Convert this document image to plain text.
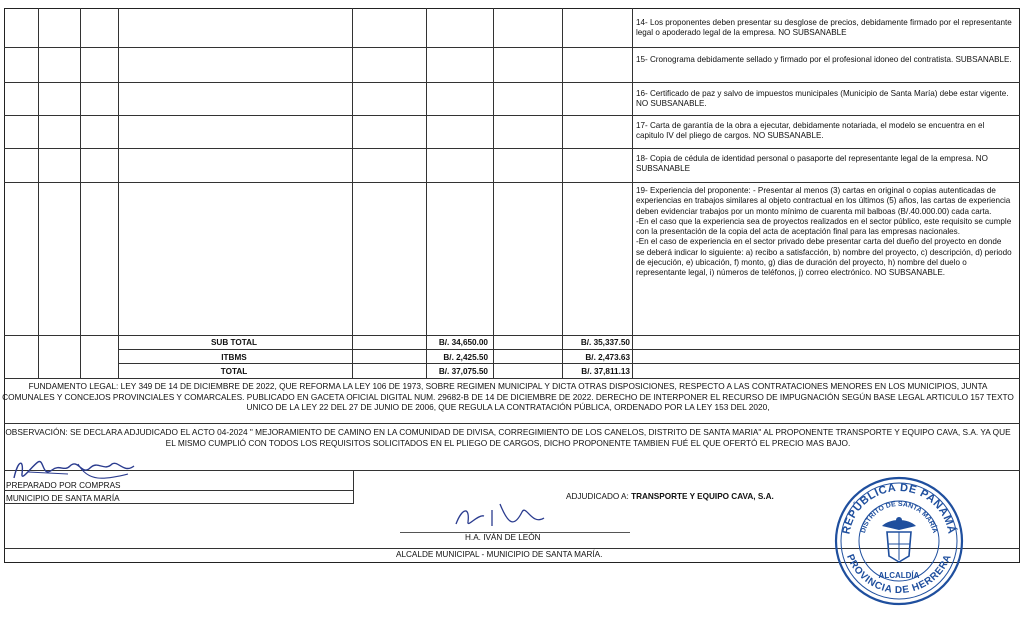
14- Los proponentes deben presentar su desglose de precios, debidamente firmado por el representante legal o apoderado legal de la empresa. NO SUBSANABLE
15- Cronograma debidamente sellado y firmado por el profesional idoneo del contratista. SUBSANABLE.
16- Certificado de paz y salvo de impuestos municipales (Municipio de Santa María) debe estar vigente. NO SUBSANABLE.
17- Carta de garantía de la obra a ejecutar, debidamente notariada, el modelo se encuentra en el capitulo IV del pliego de cargos. NO SUBSANABLE.
18- Copia de cédula de identidad personal o pasaporte del representante legal de la empresa. NO SUBSANABLE
19- Experiencia del proponente: - Presentar al menos (3) cartas en original o copias autenticadas de experiencias en trabajos similares al objeto contractual en los últimos (5) años, las cartas de experiencia deben evidenciar trabajos por un monto mínimo de cuarenta mil balboas (B/.40.000.00) cada carta.
-En el caso que la experiencia sea de proyectos realizados en el sector público, este requisito se cumple con la presentación de la copia del acta de aceptación final para las empresas nacionales.
-En el caso de experiencia en el sector privado debe presentar carta del dueño del proyecto en donde se deberá indicar lo siguiente: a) recibo a satisfacción, b) nombre del proyecto, c) descripción, d) periodo de ejecución, e) ubicación, f) monto, g) dias de duración del proyecto, h) nombre del duelo o representante legal, i) números de teléfonos, j) correo electrónico. NO SUBSANABLE.
SUB TOTAL
ITBMS
TOTAL
B/. 34,650.00
B/. 2,425.50
B/. 37,075.50
B/. 35,337.50
B/. 2,473.63
B/. 37,811.13
FUNDAMENTO LEGAL: LEY 349 DE 14 DE DICIEMBRE DE 2022, QUE REFORMA LA LEY 106 DE 1973, SOBRE REGIMEN MUNICIPAL Y DICTA OTRAS DISPOSICIONES, RESPECTO A LAS CONTRATACIONES MENORES EN LOS MUNICIPIOS, JUNTA COMUNALES Y CONCEJOS PROVINCIALES Y COMARCALES. PUBLICADO EN GACETA OFICIAL DIGITAL NUM. 29682-B DE 14 DE DICIEMBRE DE 2022. DERECHO DE INTERPONER EL RECURSO DE IMPUGNACIÓN SEGÚN BASE LEGAL ARTICULO 157 TEXTO UNICO DE LA LEY 22 DEL 27 DE JUNIO DE 2006, QUE REGULA LA CONTRATACIÓN PÚBLICA, ORDENADO POR LA LEY 153 DEL 2020,
OBSERVACIÓN: SE DECLARA ADJUDICADO EL ACTO 04-2024 " MEJORAMIENTO DE CAMINO EN LA COMUNIDAD DE DIVISA, CORREGIMIENTO DE LOS CANELOS, DISTRITO DE SANTA MARIA" AL PROPONENTE TRANSPORTE Y EQUIPO CAVA, S.A. YA QUE EL MISMO CUMPLIÓ CON TODOS LOS REQUISITOS SOLICITADOS EN EL PLIEGO DE CARGOS, DICHO PROPONENTE TAMBIEN FUÉ EL QUE OFERTÓ EL PRECIO MAS BAJO.
PREPARADO POR COMPRAS
MUNICIPIO DE SANTA MARÍA	ADJUDICADO A: TRANSPORTE Y EQUIPO CAVA, S.A.
H.A. IVÁN DE LEÓN
ALCALDE MUNICIPAL - MUNICIPIO DE SANTA MARÍA.
REPÚBLICA DE PANAMÁ
PROVINCIA DE HERRERA
DISTRITO DE SANTA MARÍA
ALCALDÍA
